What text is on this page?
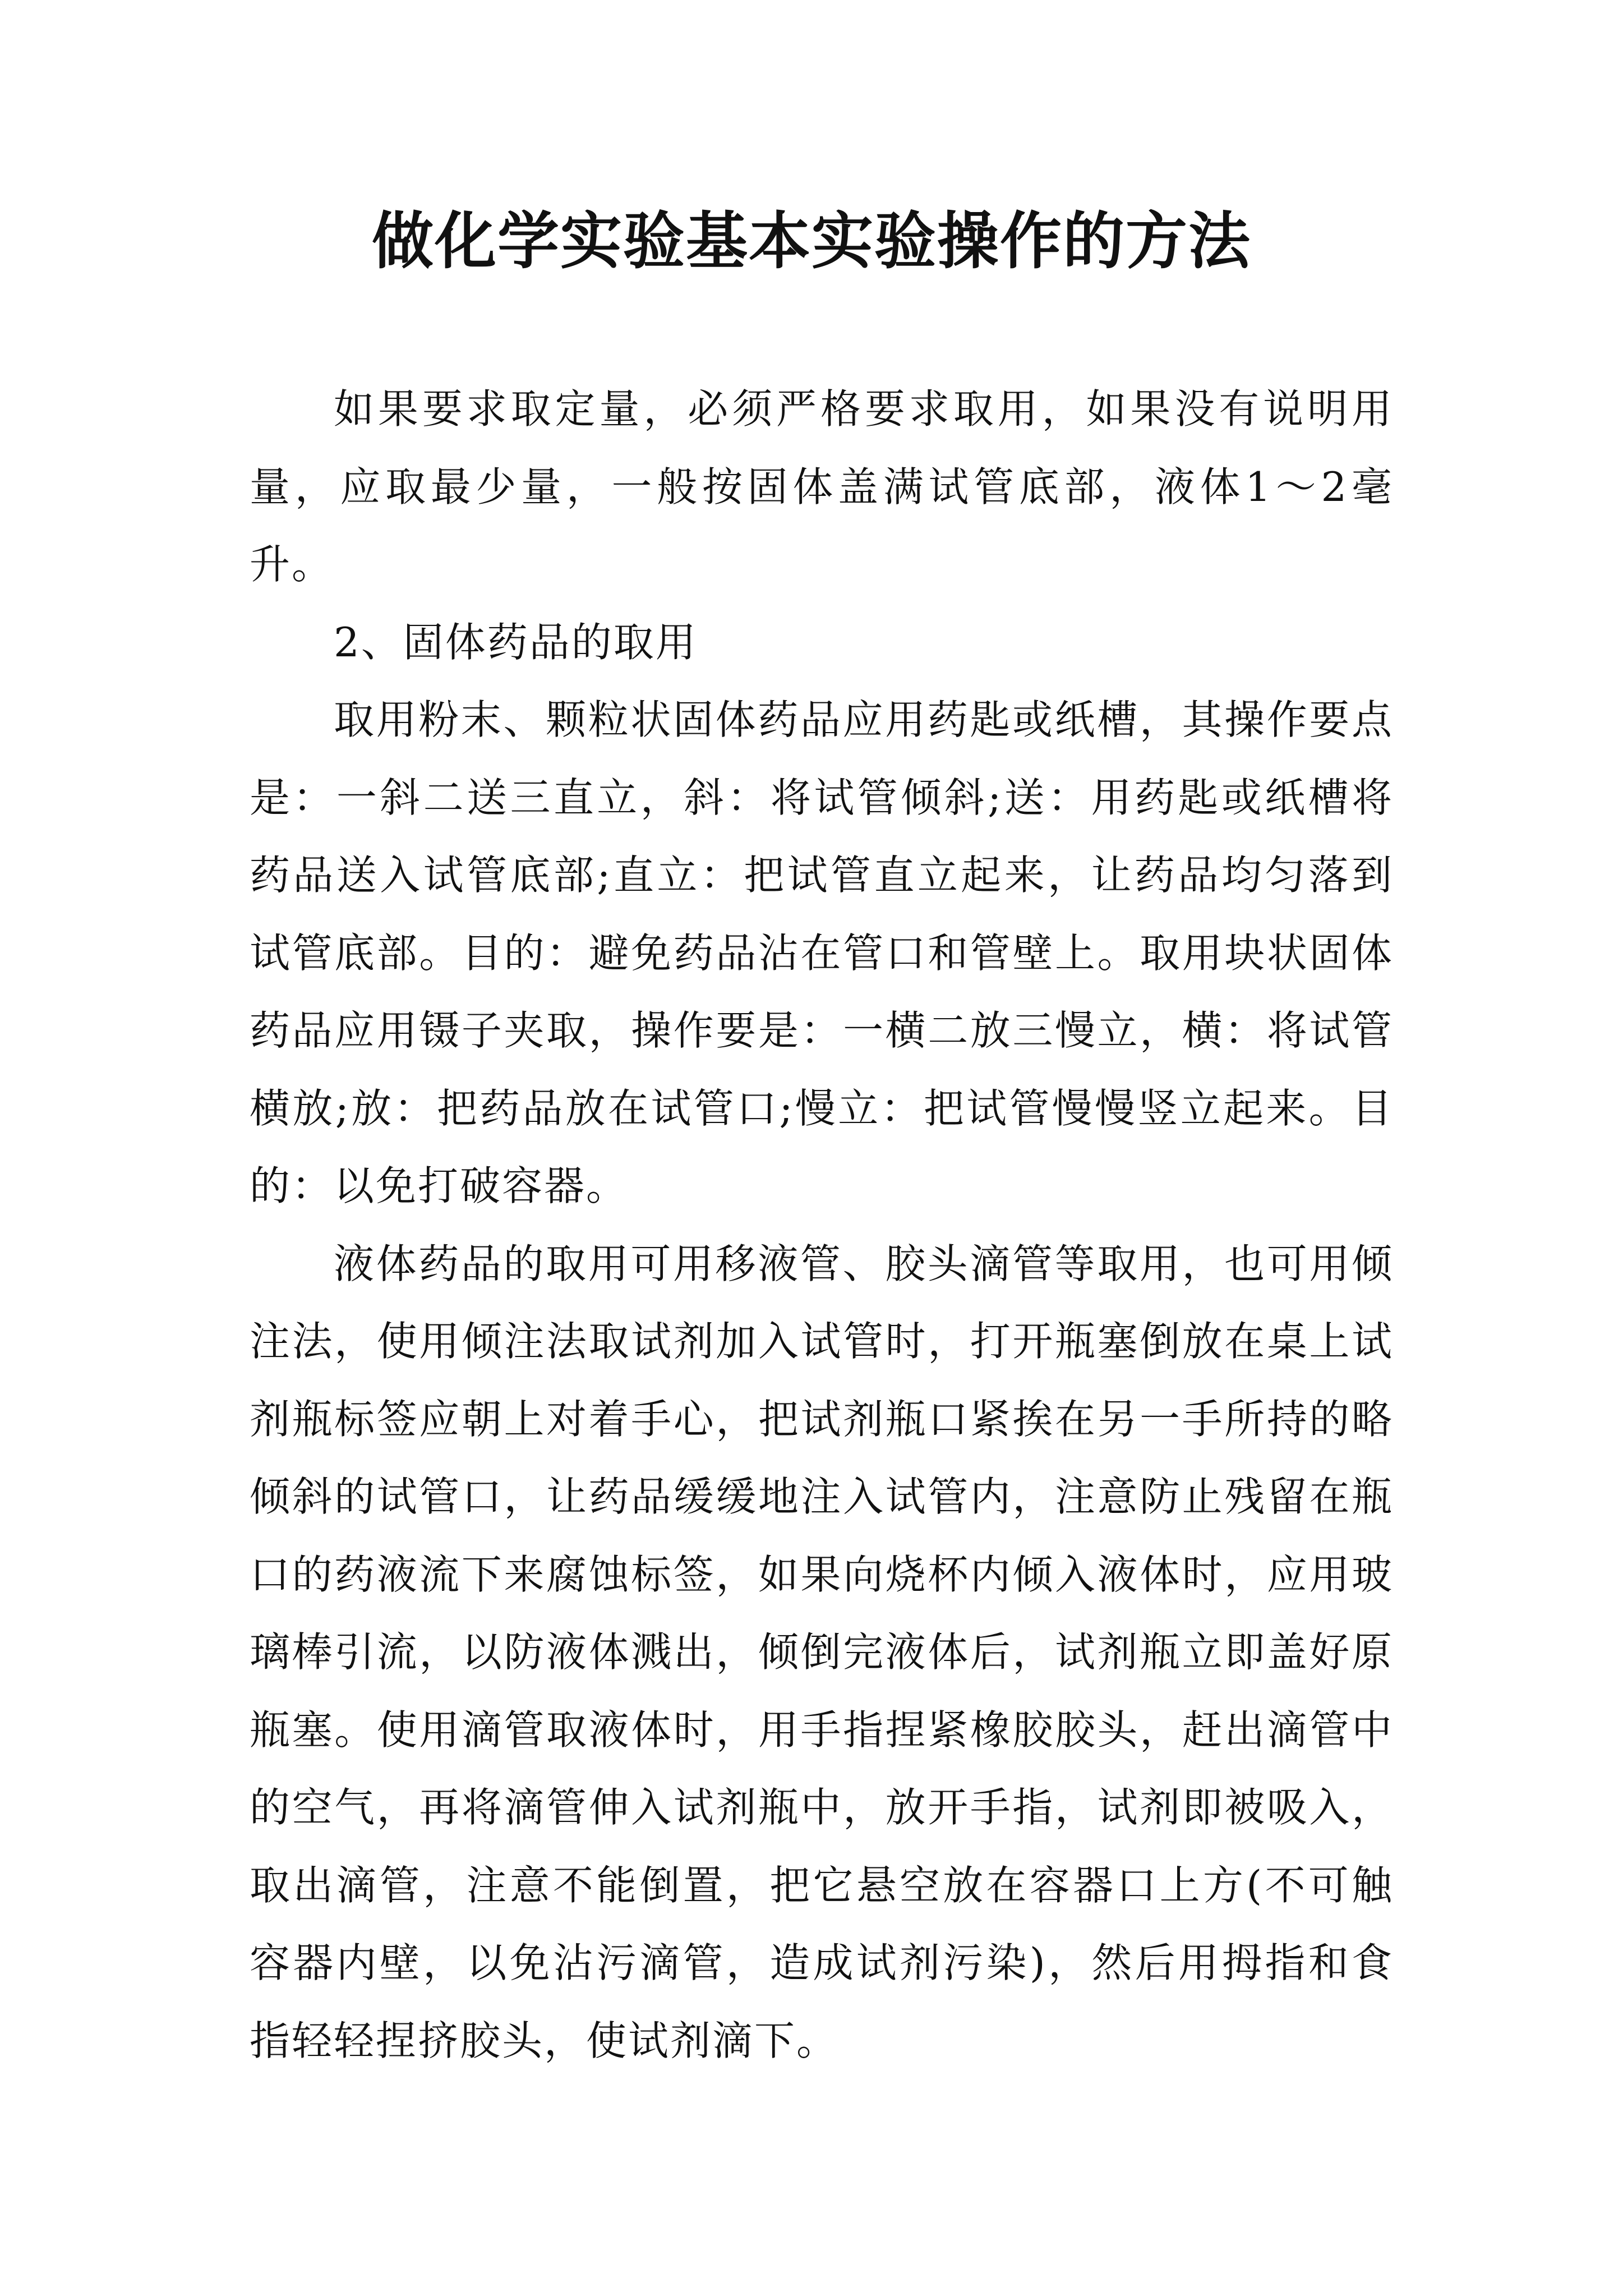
做化学实验基本实验操作的方法

如果要求取定量，必须严格要求取用，如果没有说明用量，应取最少量，一般按固体盖满试管底部，液体1～2毫升。

2、固体药品的取用

取用粉末、颗粒状固体药品应用药匙或纸槽，其操作要点是：一斜二送三直立，斜：将试管倾斜;送：用药匙或纸槽将药品送入试管底部;直立：把试管直立起来，让药品均匀落到试管底部。目的：避免药品沾在管口和管壁上。取用块状固体药品应用镊子夹取，操作要是：一横二放三慢立，横：将试管横放;放：把药品放在试管口;慢立：把试管慢慢竖立起来。目的：以免打破容器。

液体药品的取用可用移液管、胶头滴管等取用，也可用倾注法，使用倾注法取试剂加入试管时，打开瓶塞倒放在桌上试剂瓶标签应朝上对着手心，把试剂瓶口紧挨在另一手所持的略倾斜的试管口，让药品缓缓地注入试管内，注意防止残留在瓶口的药液流下来腐蚀标签，如果向烧杯内倾入液体时，应用玻璃棒引流，以防液体溅出，倾倒完液体后，试剂瓶立即盖好原瓶塞。使用滴管取液体时，用手指捏紧橡胶胶头，赶出滴管中的空气，再将滴管伸入试剂瓶中，放开手指，试剂即被吸入，取出滴管，注意不能倒置，把它悬空放在容器口上方(不可触容器内壁，以免沾污滴管，造成试剂污染)，然后用拇指和食指轻轻捏挤胶头，使试剂滴下。
